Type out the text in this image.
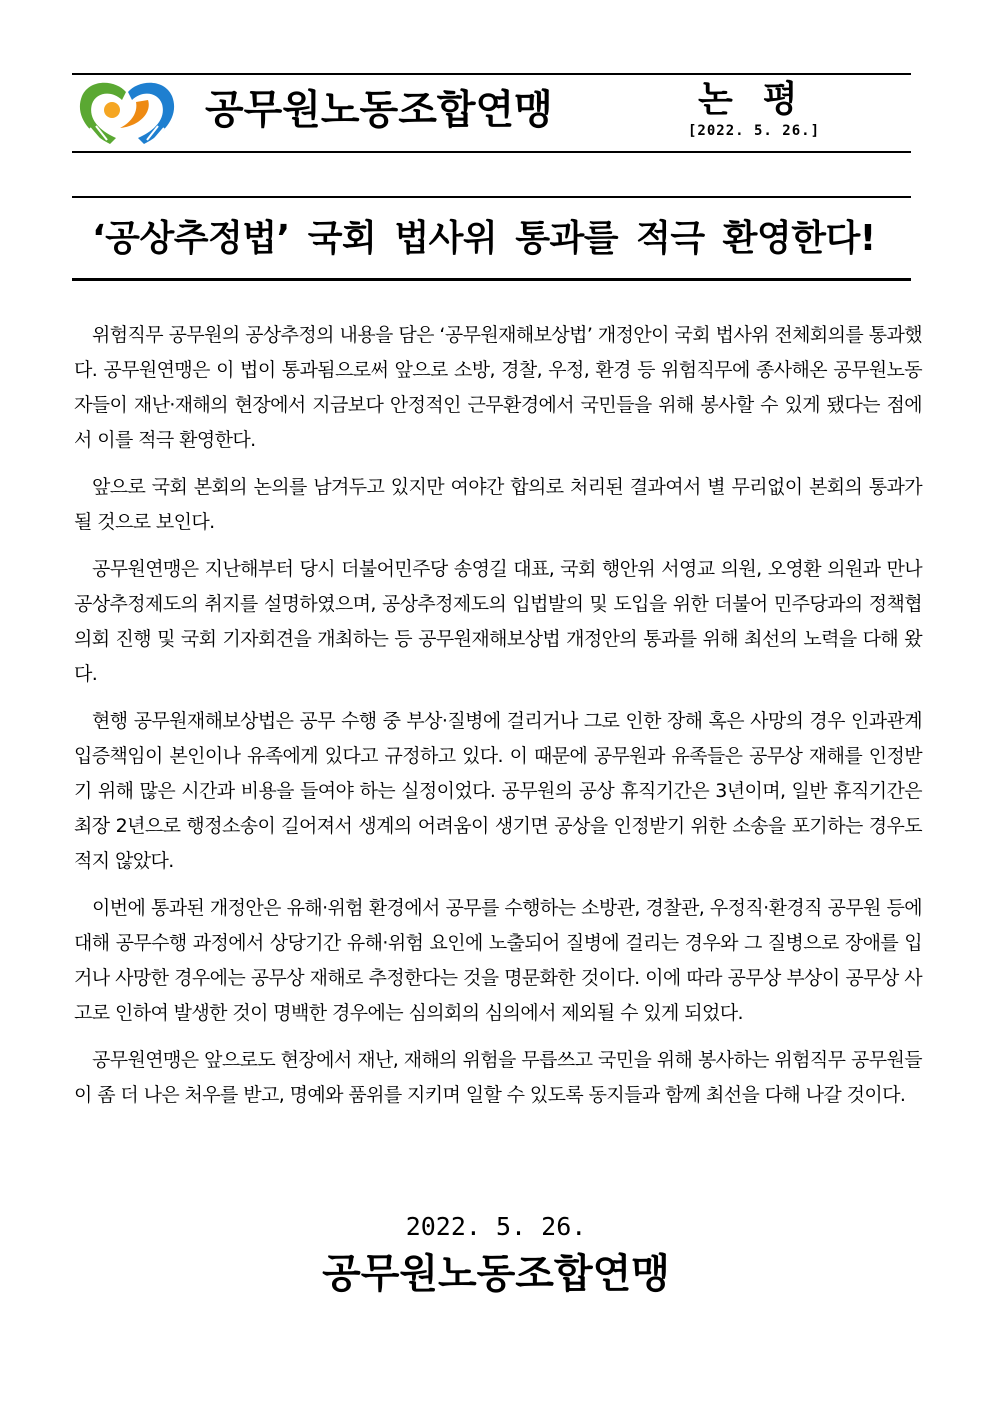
공무원노동조합연맹	논평
[2022. 5. 26.]
‘공상추정법’ 국회 법사위 통과를 적극 환영한다!

위험직무 공무원의 공상추정의 내용을 담은 ‘공무원재해보상법’ 개정안이 국회 법사위 전체회의를 통과했다. 공무원연맹은 이 법이 통과됨으로써 앞으로 소방, 경찰, 우정, 환경 등 위험직무에 종사해온 공무원노동자들이 재난·재해의 현장에서 지금보다 안정적인 근무환경에서 국민들을 위해 봉사할 수 있게 됐다는 점에서 이를 적극 환영한다.

앞으로 국회 본회의 논의를 남겨두고 있지만 여야간 합의로 처리된 결과여서 별 무리없이 본회의 통과가 될 것으로 보인다.

공무원연맹은 지난해부터 당시 더불어민주당 송영길 대표, 국회 행안위 서영교 의원, 오영환 의원과 만나 공상추정제도의 취지를 설명하였으며, 공상추정제도의 입법발의 및 도입을 위한 더불어 민주당과의 정책협의회 진행 및 국회 기자회견을 개최하는 등 공무원재해보상법 개정안의 통과를 위해 최선의 노력을 다해 왔다.

현행 공무원재해보상법은 공무 수행 중 부상·질병에 걸리거나 그로 인한 장해 혹은 사망의 경우 인과관계 입증책임이 본인이나 유족에게 있다고 규정하고 있다. 이 때문에 공무원과 유족들은 공무상 재해를 인정받기 위해 많은 시간과 비용을 들여야 하는 실정이었다. 공무원의 공상 휴직기간은 3년이며, 일반 휴직기간은 최장 2년으로 행정소송이 길어져서 생계의 어려움이 생기면 공상을 인정받기 위한 소송을 포기하는 경우도 적지 않았다.

이번에 통과된 개정안은 유해·위험 환경에서 공무를 수행하는 소방관, 경찰관, 우정직·환경직 공무원 등에 대해 공무수행 과정에서 상당기간 유해·위험 요인에 노출되어 질병에 걸리는 경우와 그 질병으로 장애를 입거나 사망한 경우에는 공무상 재해로 추정한다는 것을 명문화한 것이다. 이에 따라 공무상 부상이 공무상 사고로 인하여 발생한 것이 명백한 경우에는 심의회의 심의에서 제외될 수 있게 되었다.

공무원연맹은 앞으로도 현장에서 재난, 재해의 위험을 무릅쓰고 국민을 위해 봉사하는 위험직무 공무원들이 좀 더 나은 처우를 받고, 명예와 품위를 지키며 일할 수 있도록 동지들과 함께 최선을 다해 나갈 것이다.

2022. 5. 26.
공무원노동조합연맹
